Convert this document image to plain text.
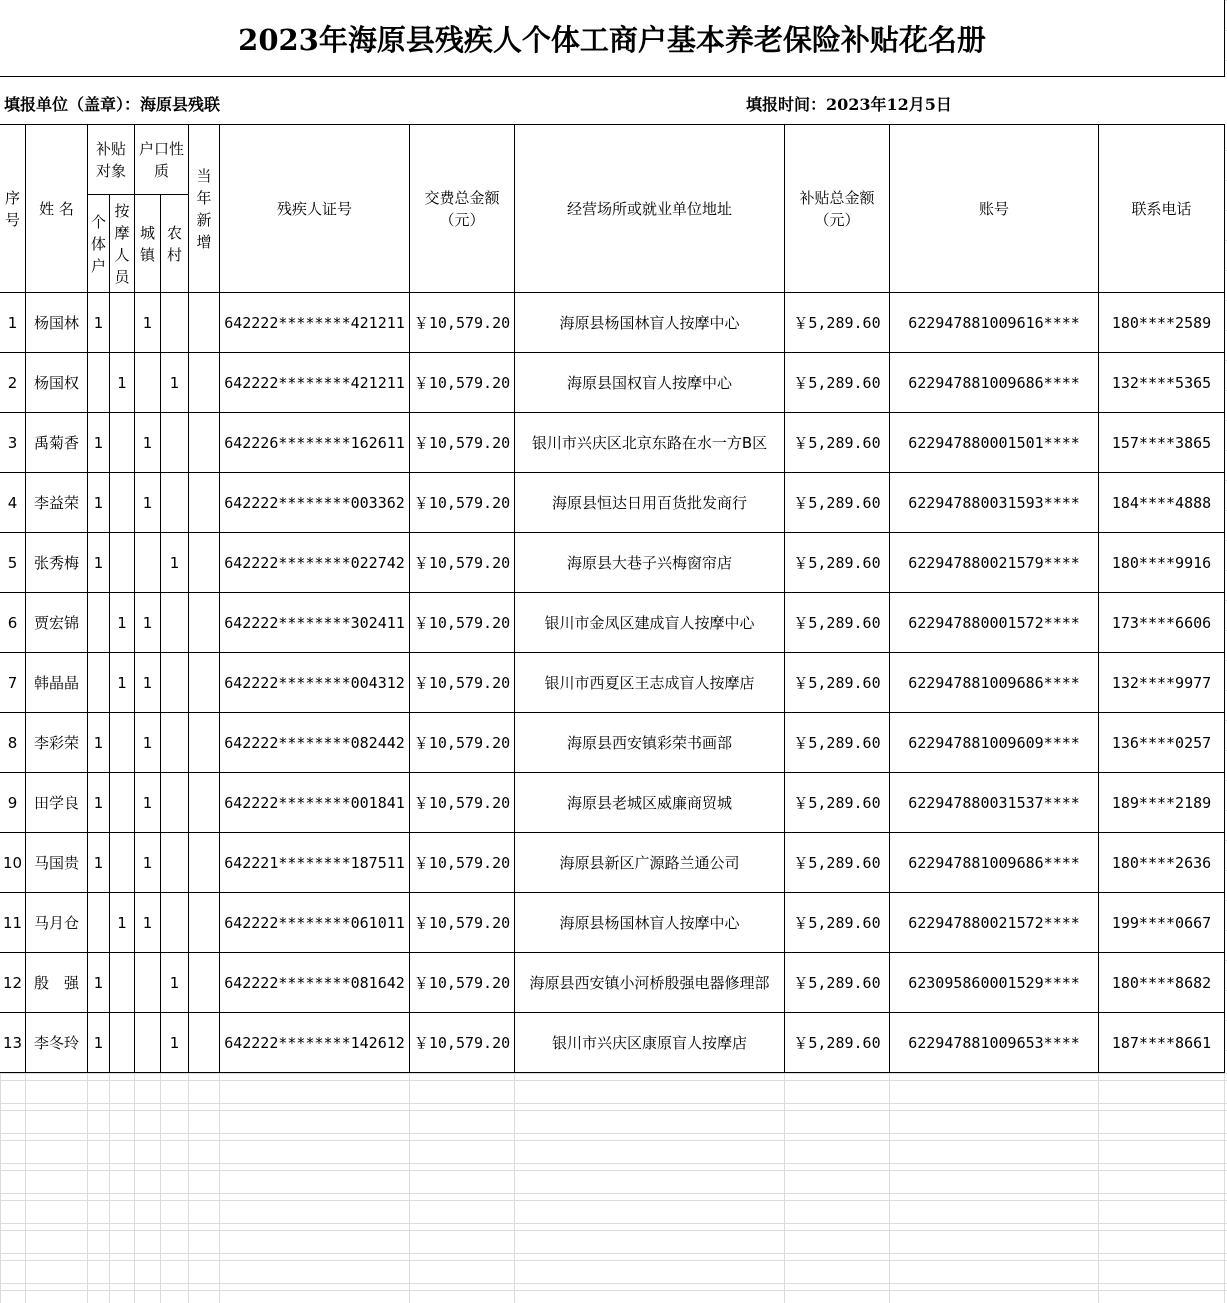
2023年海原县残疾人个体工商户基本养老保险补贴花名册
填报单位（盖章）：海原县残联	填报时间：2023年12月5日
序号	姓 名	补贴对象		户口性质		当年新增	残疾人证号	交费总金额（元）	经营场所或就业单位地址	补贴总金额（元）	账号	联系电话
		个体户	按摩人员	城镇	农村							
1	杨国林	1		1			642222********421211	￥10,579.20	海原县杨国林盲人按摩中心	￥5,289.60	622947881009616****	180****2589
2	杨国权		1		1		642222********421211	￥10,579.20	海原县国权盲人按摩中心	￥5,289.60	622947881009686****	132****5365
3	禹菊香	1		1			642226********162611	￥10,579.20	银川市兴庆区北京东路在水一方B区	￥5,289.60	622947880001501****	157****3865
4	李益荣	1		1			642222********003362	￥10,579.20	海原县恒达日用百货批发商行	￥5,289.60	622947880031593****	184****4888
5	张秀梅	1			1		642222********022742	￥10,579.20	海原县大巷子兴梅窗帘店	￥5,289.60	622947880021579****	180****9916
6	贾宏锦		1	1			642222********302411	￥10,579.20	银川市金凤区建成盲人按摩中心	￥5,289.60	622947880001572****	173****6606
7	韩晶晶		1	1			642222********004312	￥10,579.20	银川市西夏区王志成盲人按摩店	￥5,289.60	622947881009686****	132****9977
8	李彩荣	1		1			642222********082442	￥10,579.20	海原县西安镇彩荣书画部	￥5,289.60	622947881009609****	136****0257
9	田学良	1		1			642222********001841	￥10,579.20	海原县老城区威廉商贸城	￥5,289.60	622947880031537****	189****2189
10	马国贵	1		1			642221********187511	￥10,579.20	海原县新区广源路兰通公司	￥5,289.60	622947881009686****	180****2636
11	马月仓		1	1			642222********061011	￥10,579.20	海原县杨国林盲人按摩中心	￥5,289.60	622947880021572****	199****0667
12	殷　强	1			1		642222********081642	￥10,579.20	海原县西安镇小河桥殷强电器修理部	￥5,289.60	623095860001529****	180****8682
13	李冬玲	1			1		642222********142612	￥10,579.20	银川市兴庆区康原盲人按摩店	￥5,289.60	622947881009653****	187****8661
